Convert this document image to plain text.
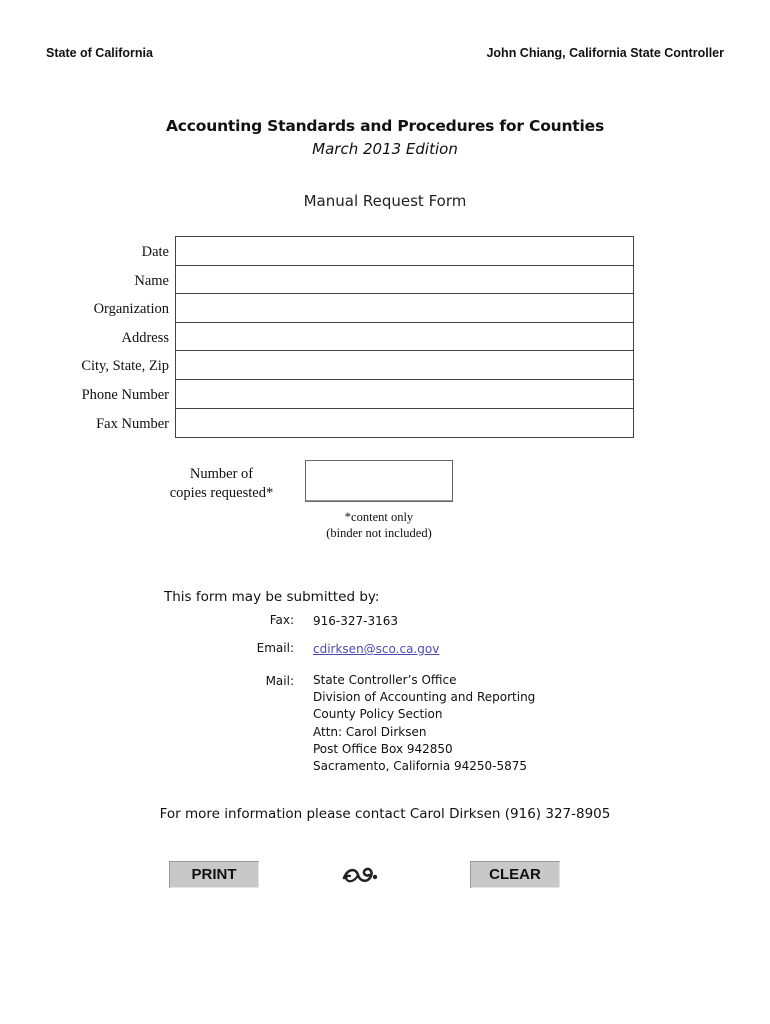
State of California	John Chiang, California State Controller
Accounting Standards and Procedures for Counties
March 2013 Edition
Manual Request Form
Date
Name
Organization
Address
City, State, Zip
Phone Number
Fax Number
Number of
copies requested*
*content only
(binder not included)
This form may be submitted by:
Fax: 916-327-3163
Email: cdirksen@sco.ca.gov
Mail: State Controller’s Office
Division of Accounting and Reporting
County Policy Section
Attn: Carol Dirksen
Post Office Box 942850
Sacramento, California 94250-5875
For more information please contact Carol Dirksen (916) 327-8905
PRINT	CLEAR
